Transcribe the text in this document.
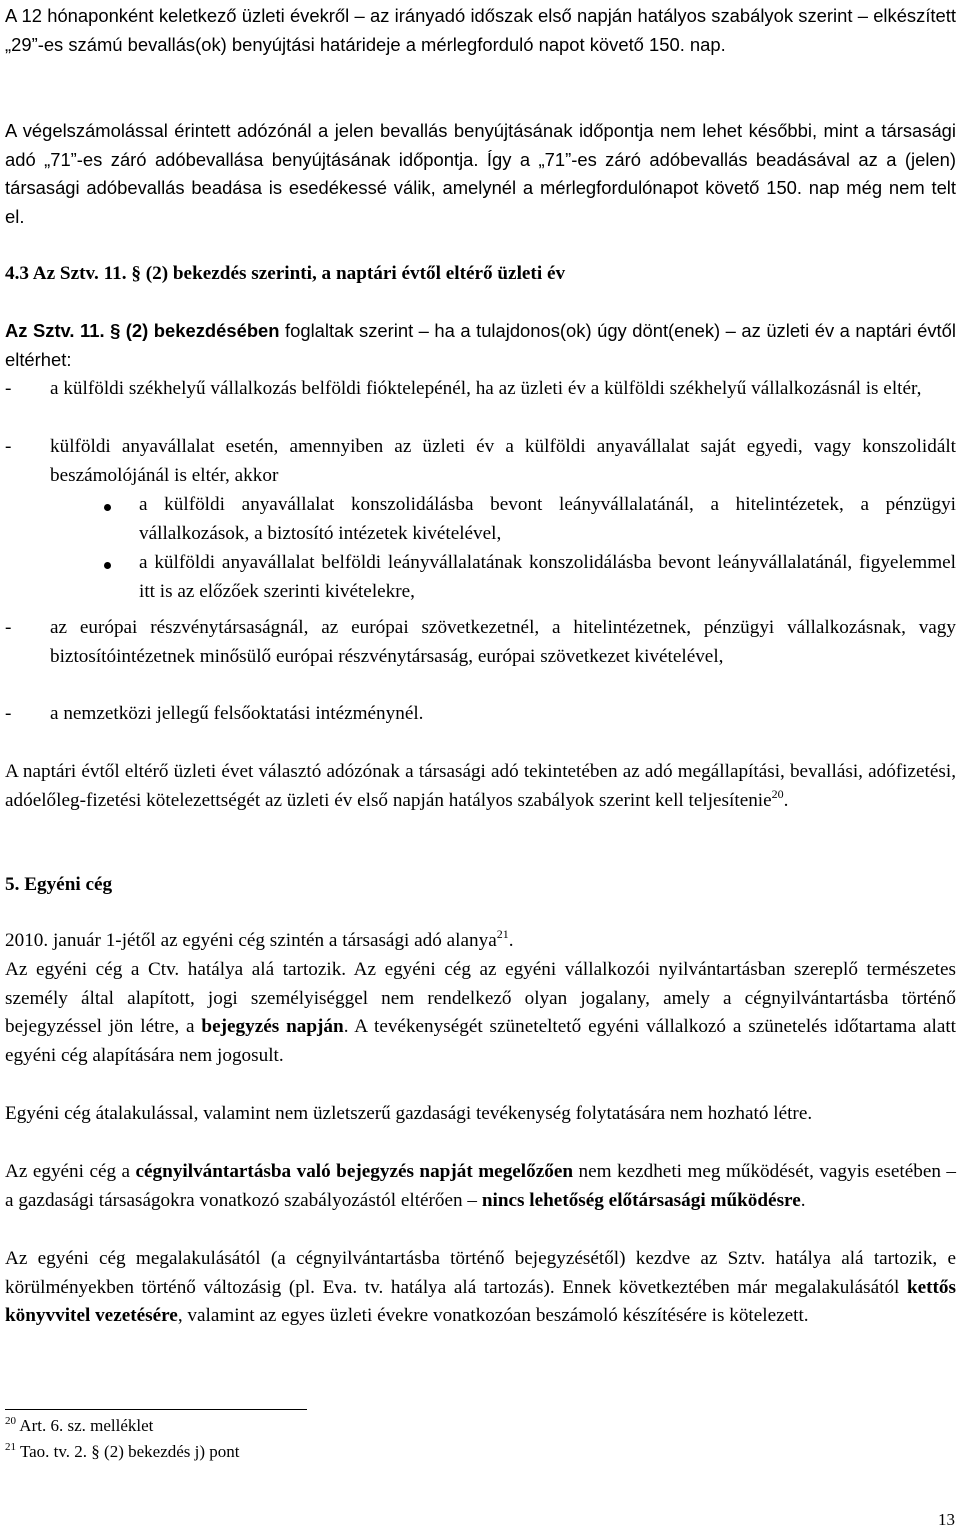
A 12 hónaponként keletkező üzleti évekről – az irányadó időszak első napján hatályos szabályok szerint – elkészített „29”-es számú bevallás(ok) benyújtási határideje a mérlegforduló napot követő 150. nap.

A végelszámolással érintett adózónál a jelen bevallás benyújtásának időpontja nem lehet későbbi, mint a társasági adó „71”-es záró adóbevallása benyújtásának időpontja. Így a „71”-es záró adóbevallás beadásával az a (jelen) társasági adóbevallás beadása is esedékessé válik, amelynél a mérlegfordulónapot követő 150. nap még nem telt el.

4.3 Az Sztv. 11. § (2) bekezdés szerinti, a naptári évtől eltérő üzleti év

Az Sztv. 11. § (2) bekezdésében foglaltak szerint – ha a tulajdonos(ok) úgy dönt(enek) – az üzleti év a naptári évtől eltérhet:

- a külföldi székhelyű vállalkozás belföldi fióktelepénél, ha az üzleti év a külföldi székhelyű vállalkozásnál is eltér,

- külföldi anyavállalat esetén, amennyiben az üzleti év a külföldi anyavállalat saját egyedi, vagy konszolidált beszámolójánál is eltér, akkor

a külföldi anyavállalat konszolidálásba bevont leányvállalatánál, a hitelintézetek, a pénzügyi vállalkozások, a biztosító intézetek kivételével,

a külföldi anyavállalat belföldi leányvállalatának konszolidálásba bevont leányvállalatánál, figyelemmel itt is az előzőek szerinti kivételekre,

- az európai részvénytársaságnál, az európai szövetkezetnél, a hitelintézetnek, pénzügyi vállalkozásnak, vagy biztosítóintézetnek minősülő európai részvénytársaság, európai szövetkezet kivételével,

- a nemzetközi jellegű felsőoktatási intézménynél.

A naptári évtől eltérő üzleti évet választó adózónak a társasági adó tekintetében az adó megállapítási, bevallási, adófizetési, adóelőleg-fizetési kötelezettségét az üzleti év első napján hatályos szabályok szerint kell teljesítenie$^{20}$.

5. Egyéni cég

2010. január 1-jétől az egyéni cég szintén a társasági adó alanya$^{21}$.

Az egyéni cég a Ctv. hatálya alá tartozik. Az egyéni cég az egyéni vállalkozói nyilvántartásban szereplő természetes személy által alapított, jogi személyiséggel nem rendelkező olyan jogalany, amely a cégnyilvántartásba történő bejegyzéssel jön létre, a bejegyzés napján. A tevékenységét szüneteltető egyéni vállalkozó a szünetelés időtartama alatt egyéni cég alapítására nem jogosult.

Egyéni cég átalakulással, valamint nem üzletszerű gazdasági tevékenység folytatására nem hozható létre.

Az egyéni cég a cégnyilvántartásba való bejegyzés napját megelőzően nem kezdheti meg működését, vagyis esetében – a gazdasági társaságokra vonatkozó szabályozástól eltérően – nincs lehetőség előtársasági működésre.

Az egyéni cég megalakulásától (a cégnyilvántartásba történő bejegyzésétől) kezdve az Sztv. hatálya alá tartozik, e körülményekben történő változásig (pl. Eva. tv. hatálya alá tartozás). Ennek következtében már megalakulásától kettős könyvvitel vezetésére, valamint az egyes üzleti évekre vonatkozóan beszámoló készítésére is kötelezett.

$^{20}$ Art. 6. sz. melléklet
$^{21}$ Tao. tv. 2. § (2) bekezdés j) pont
13
